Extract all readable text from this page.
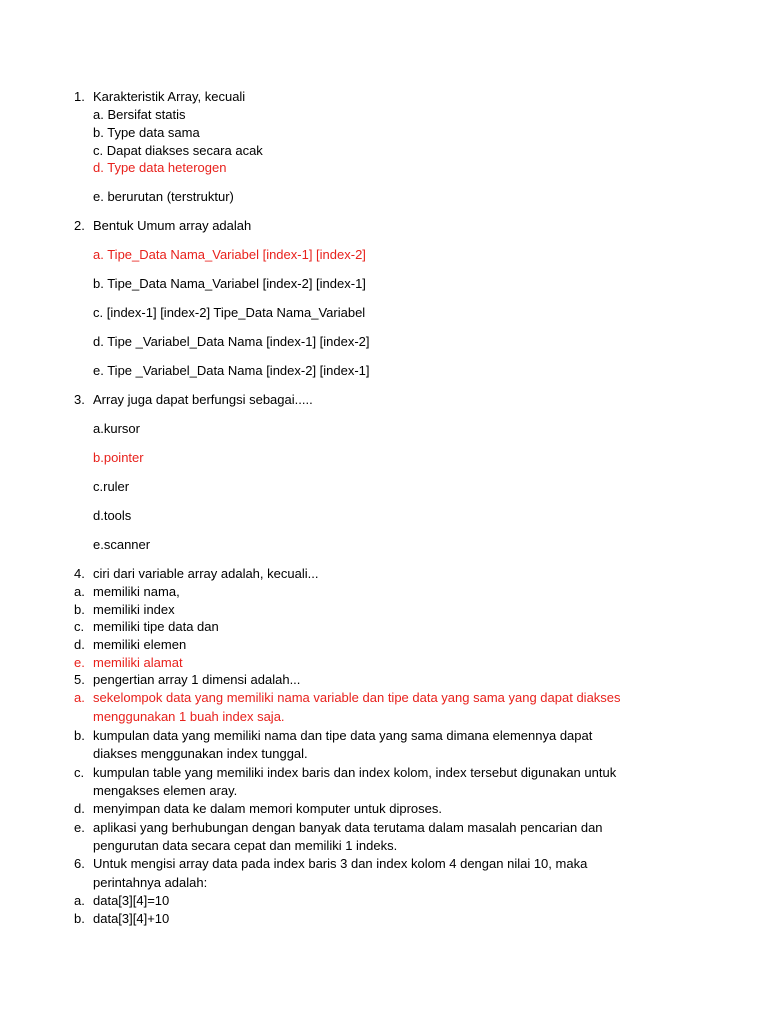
1. Karakteristik Array, kecuali
a. Bersifat statis
b. Type data sama
c. Dapat diakses secara acak
d. Type data heterogen
e. berurutan (terstruktur)
2. Bentuk Umum array adalah
a. Tipe_Data Nama_Variabel [index-1] [index-2]
b. Tipe_Data Nama_Variabel [index-2] [index-1]
c. [index-1] [index-2] Tipe_Data Nama_Variabel
d. Tipe _Variabel_Data Nama [index-1] [index-2]
e. Tipe _Variabel_Data Nama [index-2] [index-1]
3. Array juga dapat berfungsi sebagai.....
a.kursor
b.pointer
c.ruler
d.tools
e.scanner
4. ciri dari variable array adalah, kecuali...
a. memiliki nama,
b. memiliki index
c. memiliki tipe data dan
d. memiliki elemen
e. memiliki alamat
5. pengertian array 1 dimensi adalah...
a. sekelompok data yang memiliki nama variable dan tipe data yang sama yang dapat diakses
menggunakan 1 buah index saja.
b. kumpulan data yang memiliki nama dan tipe data yang sama dimana elemennya dapat
diakses menggunakan index tunggal.
c. kumpulan table yang memiliki index baris dan index kolom, index tersebut digunakan untuk
mengakses elemen aray.
d. menyimpan data ke dalam memori komputer untuk diproses.
e. aplikasi yang berhubungan dengan banyak data terutama dalam masalah pencarian dan
pengurutan data secara cepat dan memiliki 1 indeks.
6. Untuk mengisi array data pada index baris 3 dan index kolom 4 dengan nilai 10, maka
perintahnya adalah:
a. data[3][4]=10
b. data[3][4]+10
